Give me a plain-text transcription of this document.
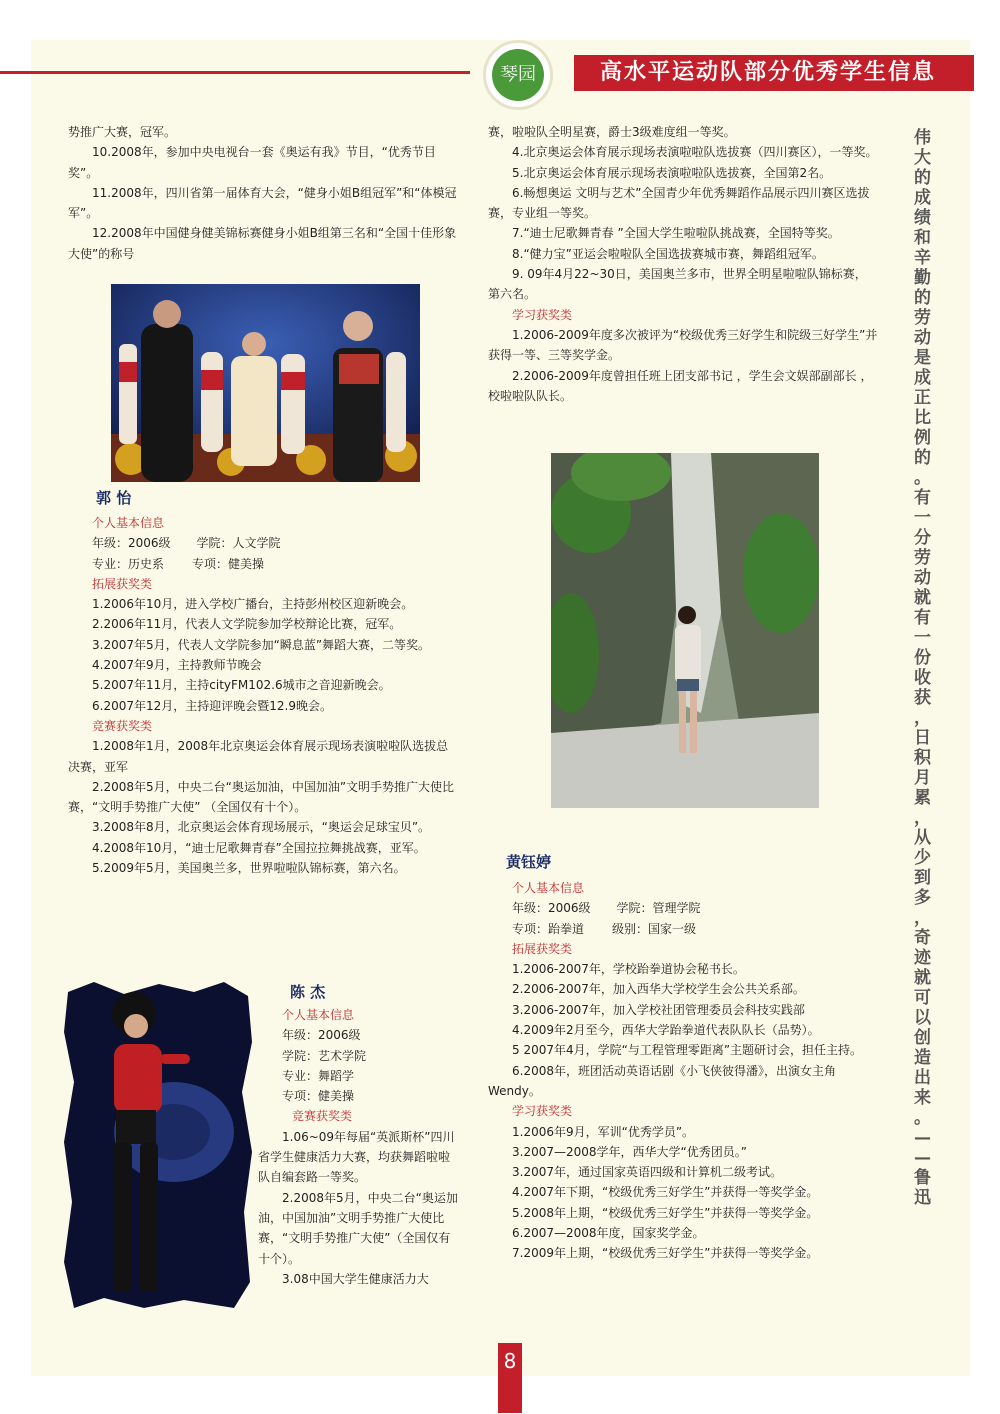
琴园	高水平运动队部分优秀学生信息

势推广大赛，冠军。

10.2008年，参加中央电视台一套《奥运有我》节目，“优秀节目奖”。

11.2008年，四川省第一届体育大会，“健身小姐B组冠军”和“体模冠军”。

12.2008年中国健身健美锦标赛健身小姐B组第三名和“全国十佳形象大使”的称号

郭 怡

个人基本信息

年级：2006级 学院：人文学院

专业：历史系 专项：健美操

拓展获奖类

1.2006年10月，进入学校广播台，主持彭州校区迎新晚会。

2.2006年11月，代表人文学院参加学校辩论比赛，冠军。

3.2007年5月，代表人文学院参加“瞬息蓝”舞蹈大赛，二等奖。

4.2007年9月，主持教师节晚会

5.2007年11月，主持cityFM102.6城市之音迎新晚会。

6.2007年12月，主持迎评晚会暨12.9晚会。

竞赛获奖类

1.2008年1月，2008年北京奥运会体育展示现场表演啦啦队选拔总决赛，亚军

2.2008年5月，中央二台“奥运加油，中国加油”文明手势推广大使比赛，“文明手势推广大使” （全国仅有十个）。

3.2008年8月，北京奥运会体育现场展示，“奥运会足球宝贝”。

4.2008年10月，“迪士尼歌舞青春”全国拉拉舞挑战赛，亚军。

5.2009年5月，美国奥兰多，世界啦啦队锦标赛，第六名。

陈 杰

个人基本信息

年级：2006级

学院：艺术学院

专业：舞蹈学

专项：健美操

竞赛获奖类

1.06~09年每届“英派斯杯”四川省学生健康活力大赛，均获舞蹈啦啦队自编套路一等奖。

2.2008年5月，中央二台“奥运加油，中国加油”文明手势推广大使比赛，“文明手势推广大使”（全国仅有十个）。

3.08中国大学生健康活力大

赛，啦啦队全明星赛，爵士3级难度组一等奖。

4.北京奥运会体育展示现场表演啦啦队选拔赛（四川赛区），一等奖。

5.北京奥运会体育展示现场表演啦啦队选拔赛，全国第2名。

6.畅想奥运 文明与艺术”全国青少年优秀舞蹈作品展示四川赛区选拔赛，专业组一等奖。

7.“迪士尼歌舞青春 ”全国大学生啦啦队挑战赛，全国特等奖。

8.“健力宝”亚运会啦啦队全国选拔赛城市赛，舞蹈组冠军。

9. 09年4月22~30日，美国奥兰多市，世界全明星啦啦队锦标赛，第六名。

学习获奖类

1.2006-2009年度多次被评为“校级优秀三好学生和院级三好学生”并获得一等、三等奖学金。

2.2006-2009年度曾担任班上团支部书记 ，学生会文娱部副部长 ，校啦啦队队长。

黄钰婷

个人基本信息

年级：2006级 学院：管理学院

专项：跆拳道 级别：国家一级

拓展获奖类

1.2006-2007年，学校跆拳道协会秘书长。

2.2006-2007年，加入西华大学校学生会公共关系部。

3.2006-2007年，加入学校社团管理委员会科技实践部

4.2009年2月至今，西华大学跆拳道代表队队长（品势）。

5 2007年4月，学院“与工程管理零距离”主题研讨会，担任主持。

6.2008年，班团活动英语话剧《小飞侠彼得潘》，出演女主角Wendy。

学习获奖类

1.2006年9月，军训“优秀学员”。

3.2007—2008学年，西华大学“优秀团员。”

3.2007年，通过国家英语四级和计算机二级考试。

4.2007年下期，“校级优秀三好学生”并获得一等奖学金。

5.2008年上期，“校级优秀三好学生”并获得一等奖学金。

6.2007—2008年度，国家奖学金。

7.2009年上期，“校级优秀三好学生”并获得一等奖学金。

伟大的成绩和辛勤的劳动是成正比例的。有一分劳动就有一份收获，日积月累，从少到多，奇迹就可以创造出来。——鲁迅
8
